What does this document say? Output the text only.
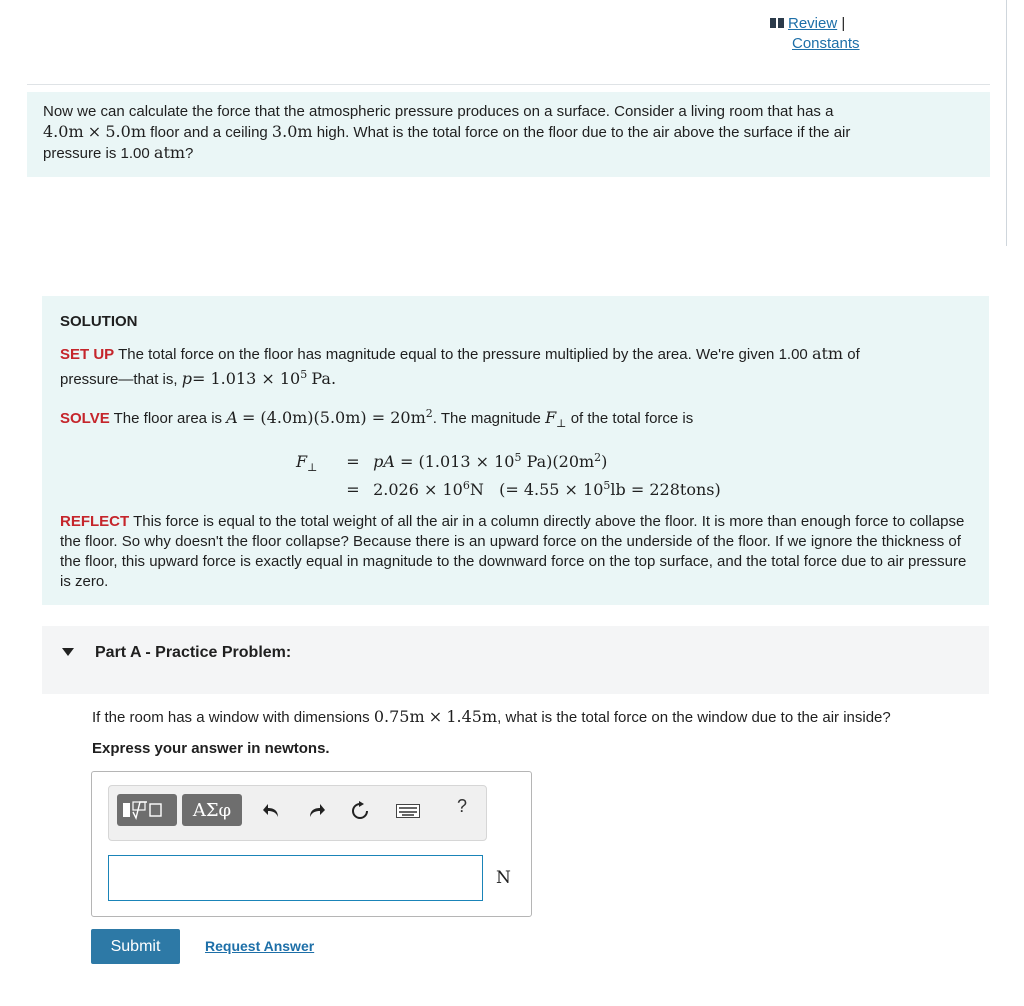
Review |
Constants
Now we can calculate the force that the atmospheric pressure produces on a surface. Consider a living room that has a
4.0m × 5.0m floor and a ceiling 3.0m high. What is the total force on the floor due to the air above the surface if the air
pressure is 1.00 atm?

SOLUTION

SET UP The total force on the floor has magnitude equal to the pressure multiplied by the area. We're given 1.00 atm of
pressure—that is, $p= 1.013 \times 10^5$ Pa.

SOLVE The floor area is $A = (4.0m)(5.0m) = 20m^2$. The magnitude $F_\perp$ of the total force is

$F_\perp$ = pA = ($1.013 \times 10^5$ $Pa)(20m^2)$
= $2.026 \times 10^6N$   (= $4.55 \times 10^5lb$ = 228tons)

REFLECT This force is equal to the total weight of all the air in a column directly above the floor. It is more than enough force to collapse the floor. So why doesn't the floor collapse? Because there is an upward force on the underside of the floor. If we ignore the thickness of the floor, this upward force is exactly equal in magnitude to the downward force on the top surface, and the total force due to air pressure is zero.

Part A - Practice Problem:
If the room has a window with dimensions 0.75m × 1.45m, what is the total force on the window due to the air inside?
Express your answer in newtons.
ΑΣφ	?
N
Submit	Request Answer
